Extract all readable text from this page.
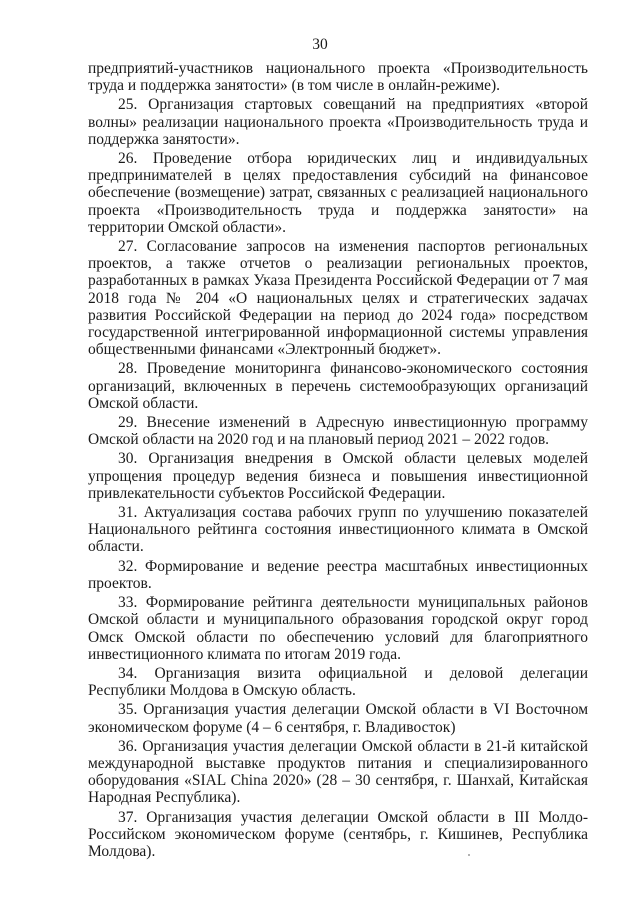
30

предприятий-участников национального проекта «Производительность труда и поддержка занятости» (в том числе в онлайн-режиме).

25. Организация стартовых совещаний на предприятиях «второй волны» реализации национального проекта «Производительность труда и поддержка занятости».

26. Проведение отбора юридических лиц и индивидуальных предпринимателей в целях предоставления субсидий на финансовое обеспечение (возмещение) затрат, связанных с реализацией национального проекта «Производительность труда и поддержка занятости» на территории Омской области».

27. Согласование запросов на изменения паспортов региональных проектов, а также отчетов о реализации региональных проектов, разработанных в рамках Указа Президента Российской Федерации от 7 мая 2018 года № 204 «О национальных целях и стратегических задачах развития Российской Федерации на период до 2024 года» посредством государственной интегрированной информационной системы управления общественными финансами «Электронный бюджет».

28. Проведение мониторинга финансово-экономического состояния организаций, включенных в перечень системообразующих организаций Омской области.

29. Внесение изменений в Адресную инвестиционную программу Омской области на 2020 год и на плановый период 2021 – 2022 годов.

30. Организация внедрения в Омской области целевых моделей упрощения процедур ведения бизнеса и повышения инвестиционной привлекательности субъектов Российской Федерации.

31. Актуализация состава рабочих групп по улучшению показателей Национального рейтинга состояния инвестиционного климата в Омской области.

32. Формирование и ведение реестра масштабных инвестиционных проектов.

33. Формирование рейтинга деятельности муниципальных районов Омской области и муниципального образования городской округ город Омск Омской области по обеспечению условий для благоприятного инвестиционного климата по итогам 2019 года.

34. Организация визита официальной и деловой делегации Республики Молдова в Омскую область.

35. Организация участия делегации Омской области в VI Восточном экономическом форуме (4 – 6 сентября, г. Владивосток)

36. Организация участия делегации Омской области в 21-й китайской международной выставке продуктов питания и специализированного оборудования «SIAL China 2020» (28 – 30 сентября, г. Шанхай, Китайская Народная Республика).

37. Организация участия делегации Омской области в III Молдо-Российском экономическом форуме (сентябрь, г. Кишинев, Республика Молдова).
